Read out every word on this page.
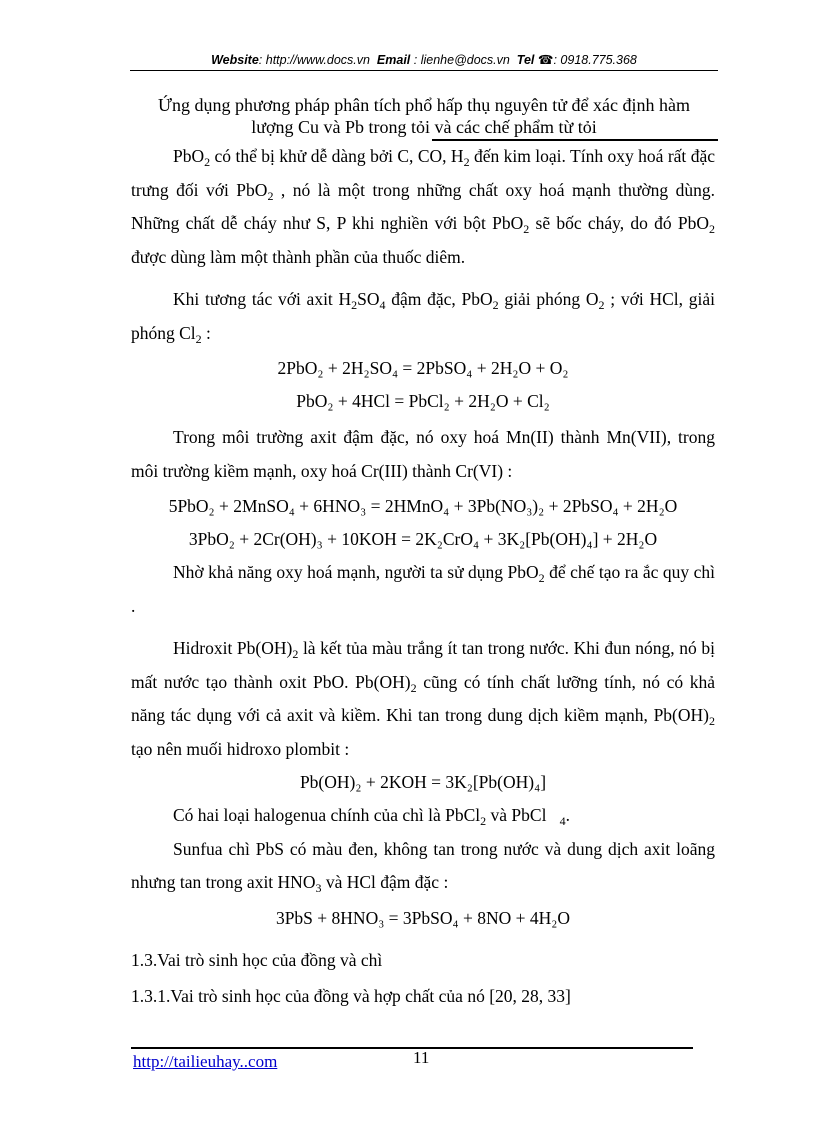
Website: http://www.docs.vn Email : lienhe@docs.vn Tel ☎: 0918.775.368
Ứng dụng phương pháp phân tích phổ hấp thụ nguyên tử để xác định hàm
lượng Cu và Pb trong tỏi và các chế phẩm từ tỏi

PbO$_2$ có thể bị khử dễ dàng bởi C, CO, $H_2$ đến kim loại. Tính oxy hoá rất đặc trưng đối với PbO$_2$ , nó là một trong những chất oxy hoá mạnh thường dùng. Những chất dễ cháy như S, P khi nghiền với bột PbO$_2$ sẽ bốc cháy, do đó PbO$_2$ được dùng làm một thành phần của thuốc diêm.

Khi tương tác với axit $H_2SO_4$ đậm đặc, PbO$_2$ giải phóng $O_2$ ; với HCl, giải phóng $Cl_2$ :

2PbO₂ + 2H₂SO₄ = 2PbSO₄ + 2H₂O + O₂

PbO₂ + 4HCl = PbCl₂ + 2H₂O + Cl₂

Trong môi trường axit đậm đặc, nó oxy hoá Mn(II) thành Mn(VII), trong môi trường kiềm mạnh, oxy hoá Cr(III) thành Cr(VI) :

5PbO₂ + 2MnSO₄ + 6HNO₃ = 2HMnO₄ + 3Pb(NO₃)₂ + 2PbSO₄ + 2H₂O

3PbO₂ + 2Cr(OH)₃ + 10KOH = 2K₂CrO₄ + 3K₂[Pb(OH)₄] + 2H₂O

Nhờ khả năng oxy hoá mạnh, người ta sử dụng PbO$_2$ để chế tạo ra ắc quy chì .

Hidroxit $Pb(OH)_2$ là kết tủa màu trắng ít tan trong nước. Khi đun nóng, nó bị mất nước tạo thành oxit PbO. $Pb(OH)_2$ cũng có tính chất lưỡng tính, nó có khả năng tác dụng với cả axit và kiềm. Khi tan trong dung dịch kiềm mạnh, $Pb(OH)_2$ tạo nên muối hidroxo plombit :

Pb(OH)₂ + 2KOH = 3K₂[Pb(OH)₄]

Có hai loại halogenua chính của chì là PbCl$_2$ và PbCl $_4$.

Sunfua chì PbS có màu đen, không tan trong nước và dung dịch axit loãng nhưng tan trong axit $HNO_3$ và HCl đậm đặc :

3PbS + 8HNO₃ = 3PbSO₄ + 8NO + 4H₂O

1.3.Vai trò sinh học của đồng và chì

1.3.1.Vai trò sinh học của đồng và hợp chất của nó [20, 28, 33]

http://tailieuhay..com	11
